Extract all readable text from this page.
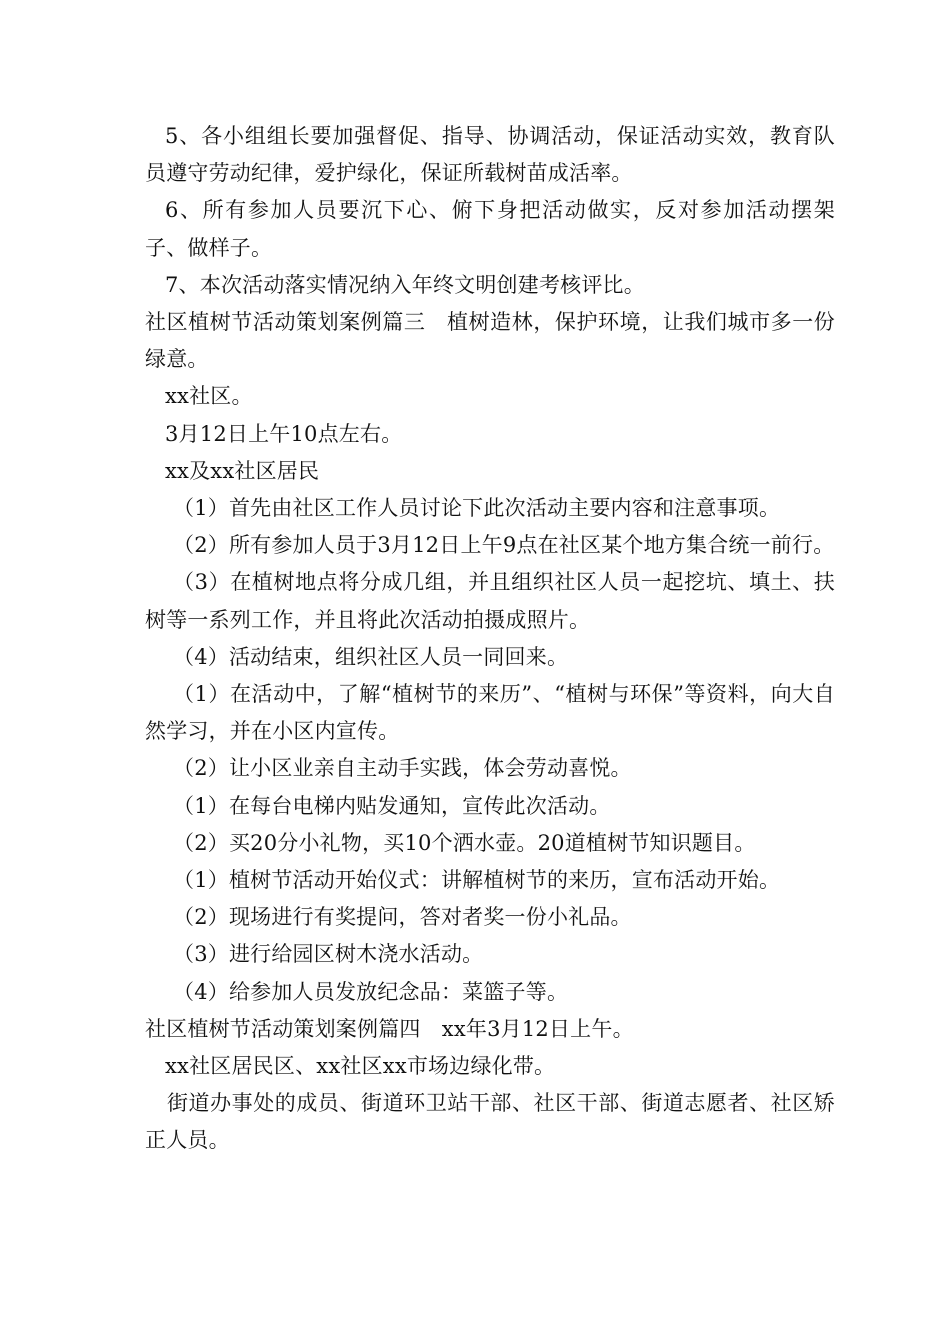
5、各小组组长要加强督促、指导、协调活动，保证活动实效，教育队员遵守劳动纪律，爱护绿化，保证所载树苗成活率。

6、所有参加人员要沉下心、俯下身把活动做实，反对参加活动摆架子、做样子。

7、本次活动落实情况纳入年终文明创建考核评比。

社区植树节活动策划案例篇三　植树造林，保护环境，让我们城市多一份绿意。

xx社区。

3月12日上午10点左右。

xx及xx社区居民

（1）首先由社区工作人员讨论下此次活动主要内容和注意事项。

（2）所有参加人员于3月12日上午9点在社区某个地方集合统一前行。

（3）在植树地点将分成几组，并且组织社区人员一起挖坑、填土、扶树等一系列工作，并且将此次活动拍摄成照片。

（4）活动结束，组织社区人员一同回来。

（1）在活动中，了解“植树节的来历”、“植树与环保”等资料，向大自然学习，并在小区内宣传。

（2）让小区业亲自主动手实践，体会劳动喜悦。

（1）在每台电梯内贴发通知，宣传此次活动。

（2）买20分小礼物，买10个洒水壶。20道植树节知识题目。

（1）植树节活动开始仪式：讲解植树节的来历，宣布活动开始。

（2）现场进行有奖提问，答对者奖一份小礼品。

（3）进行给园区树木浇水活动。

（4）给参加人员发放纪念品：菜篮子等。

社区植树节活动策划案例篇四　xx年3月12日上午。

xx社区居民区、xx社区xx市场边绿化带。

街道办事处的成员、街道环卫站干部、社区干部、街道志愿者、社区矫正人员。
